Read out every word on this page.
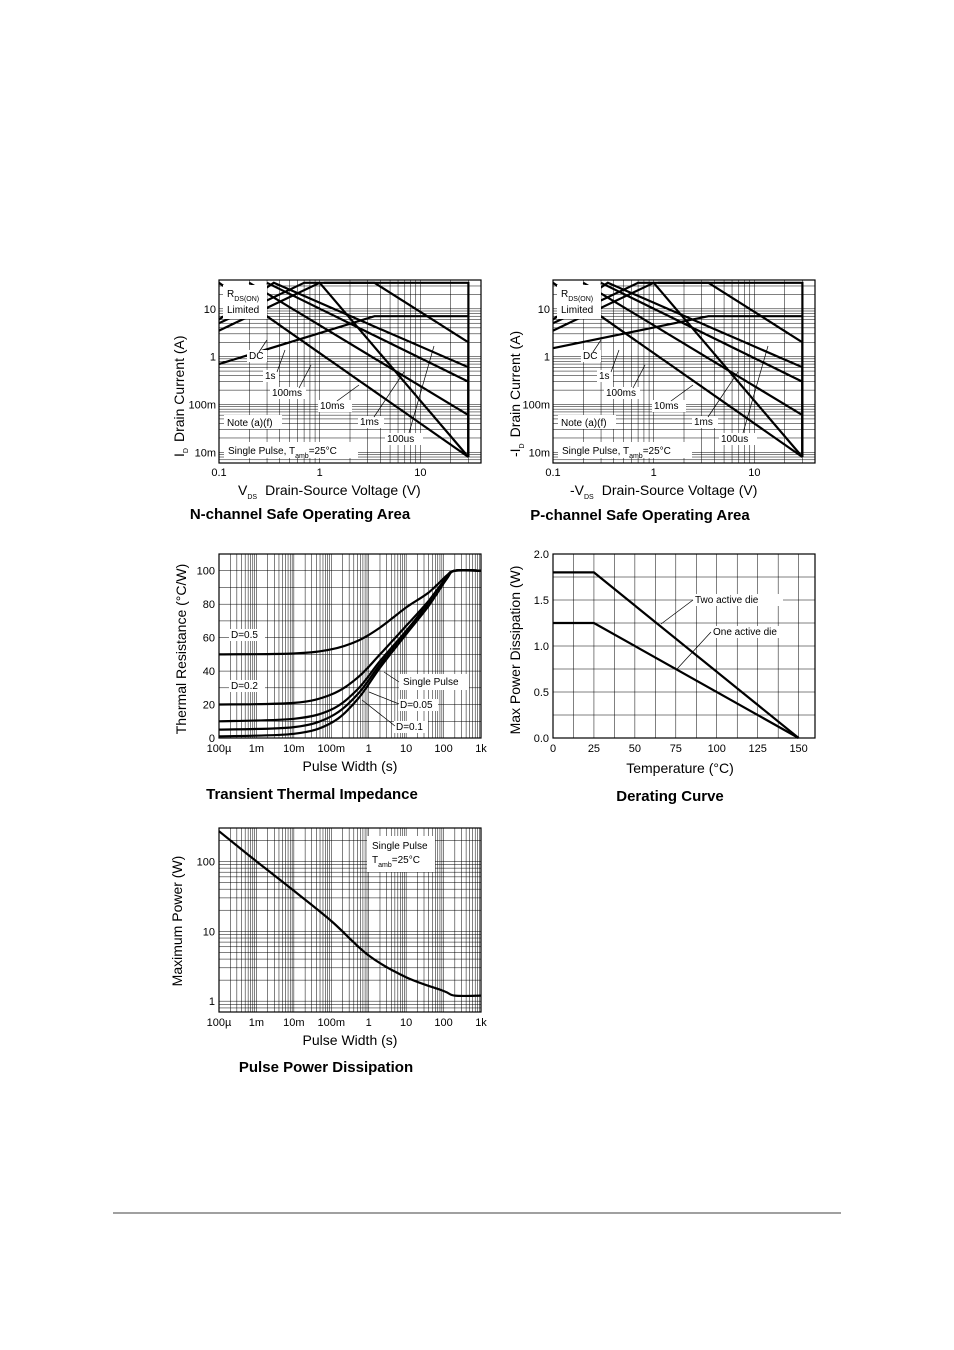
0.1	1	10
10
1
100m
10m
$R_{DS(ON)}$
Limited
DC
1s
100ms
10ms
1ms
100us
Note (a)(f)
Single Pulse, $T_{amb}=25^\circ C$
$V_{DS}$ Drain-Source Voltage (V)
$I_DDrain$ Current (A)
N-channel Safe Operating Area
0.1	1	10
10
1
100m
10m
$R_{DS(ON)}$
Limited
DC
1s
100ms
10ms
1ms
100us
Note (a)(f)
Single Pulse, $T_{amb}=25^\circ C$
$-V_{DS}$ Drain-Source Voltage (V)
$-I_DDrain$ Current (A)
P-channel Safe Operating Area
100µ 1m 10m 100m 1	10 100 1k
100
80
60
40
20
0
D=0.5
D=0.2	Single Pulse
D=0.05
D=0.1
Pulse Width (s)
Thermal Resistance (°C/W)
Transient Thermal Impedance
0	25	50	75 100 125 150
2.0
1.5
1.0
0.5
0.0
Two active die
One active die
Temperature (°C)
Max Power Dissipation (W)
Derating Curve
100µ 1m 10m 100m 1	10 100 1k
100
10
1
Single Pulse
$T_{amb}=25^\circ C$
Pulse Width (s)
Maximum Power (W)
Pulse Power Dissipation
